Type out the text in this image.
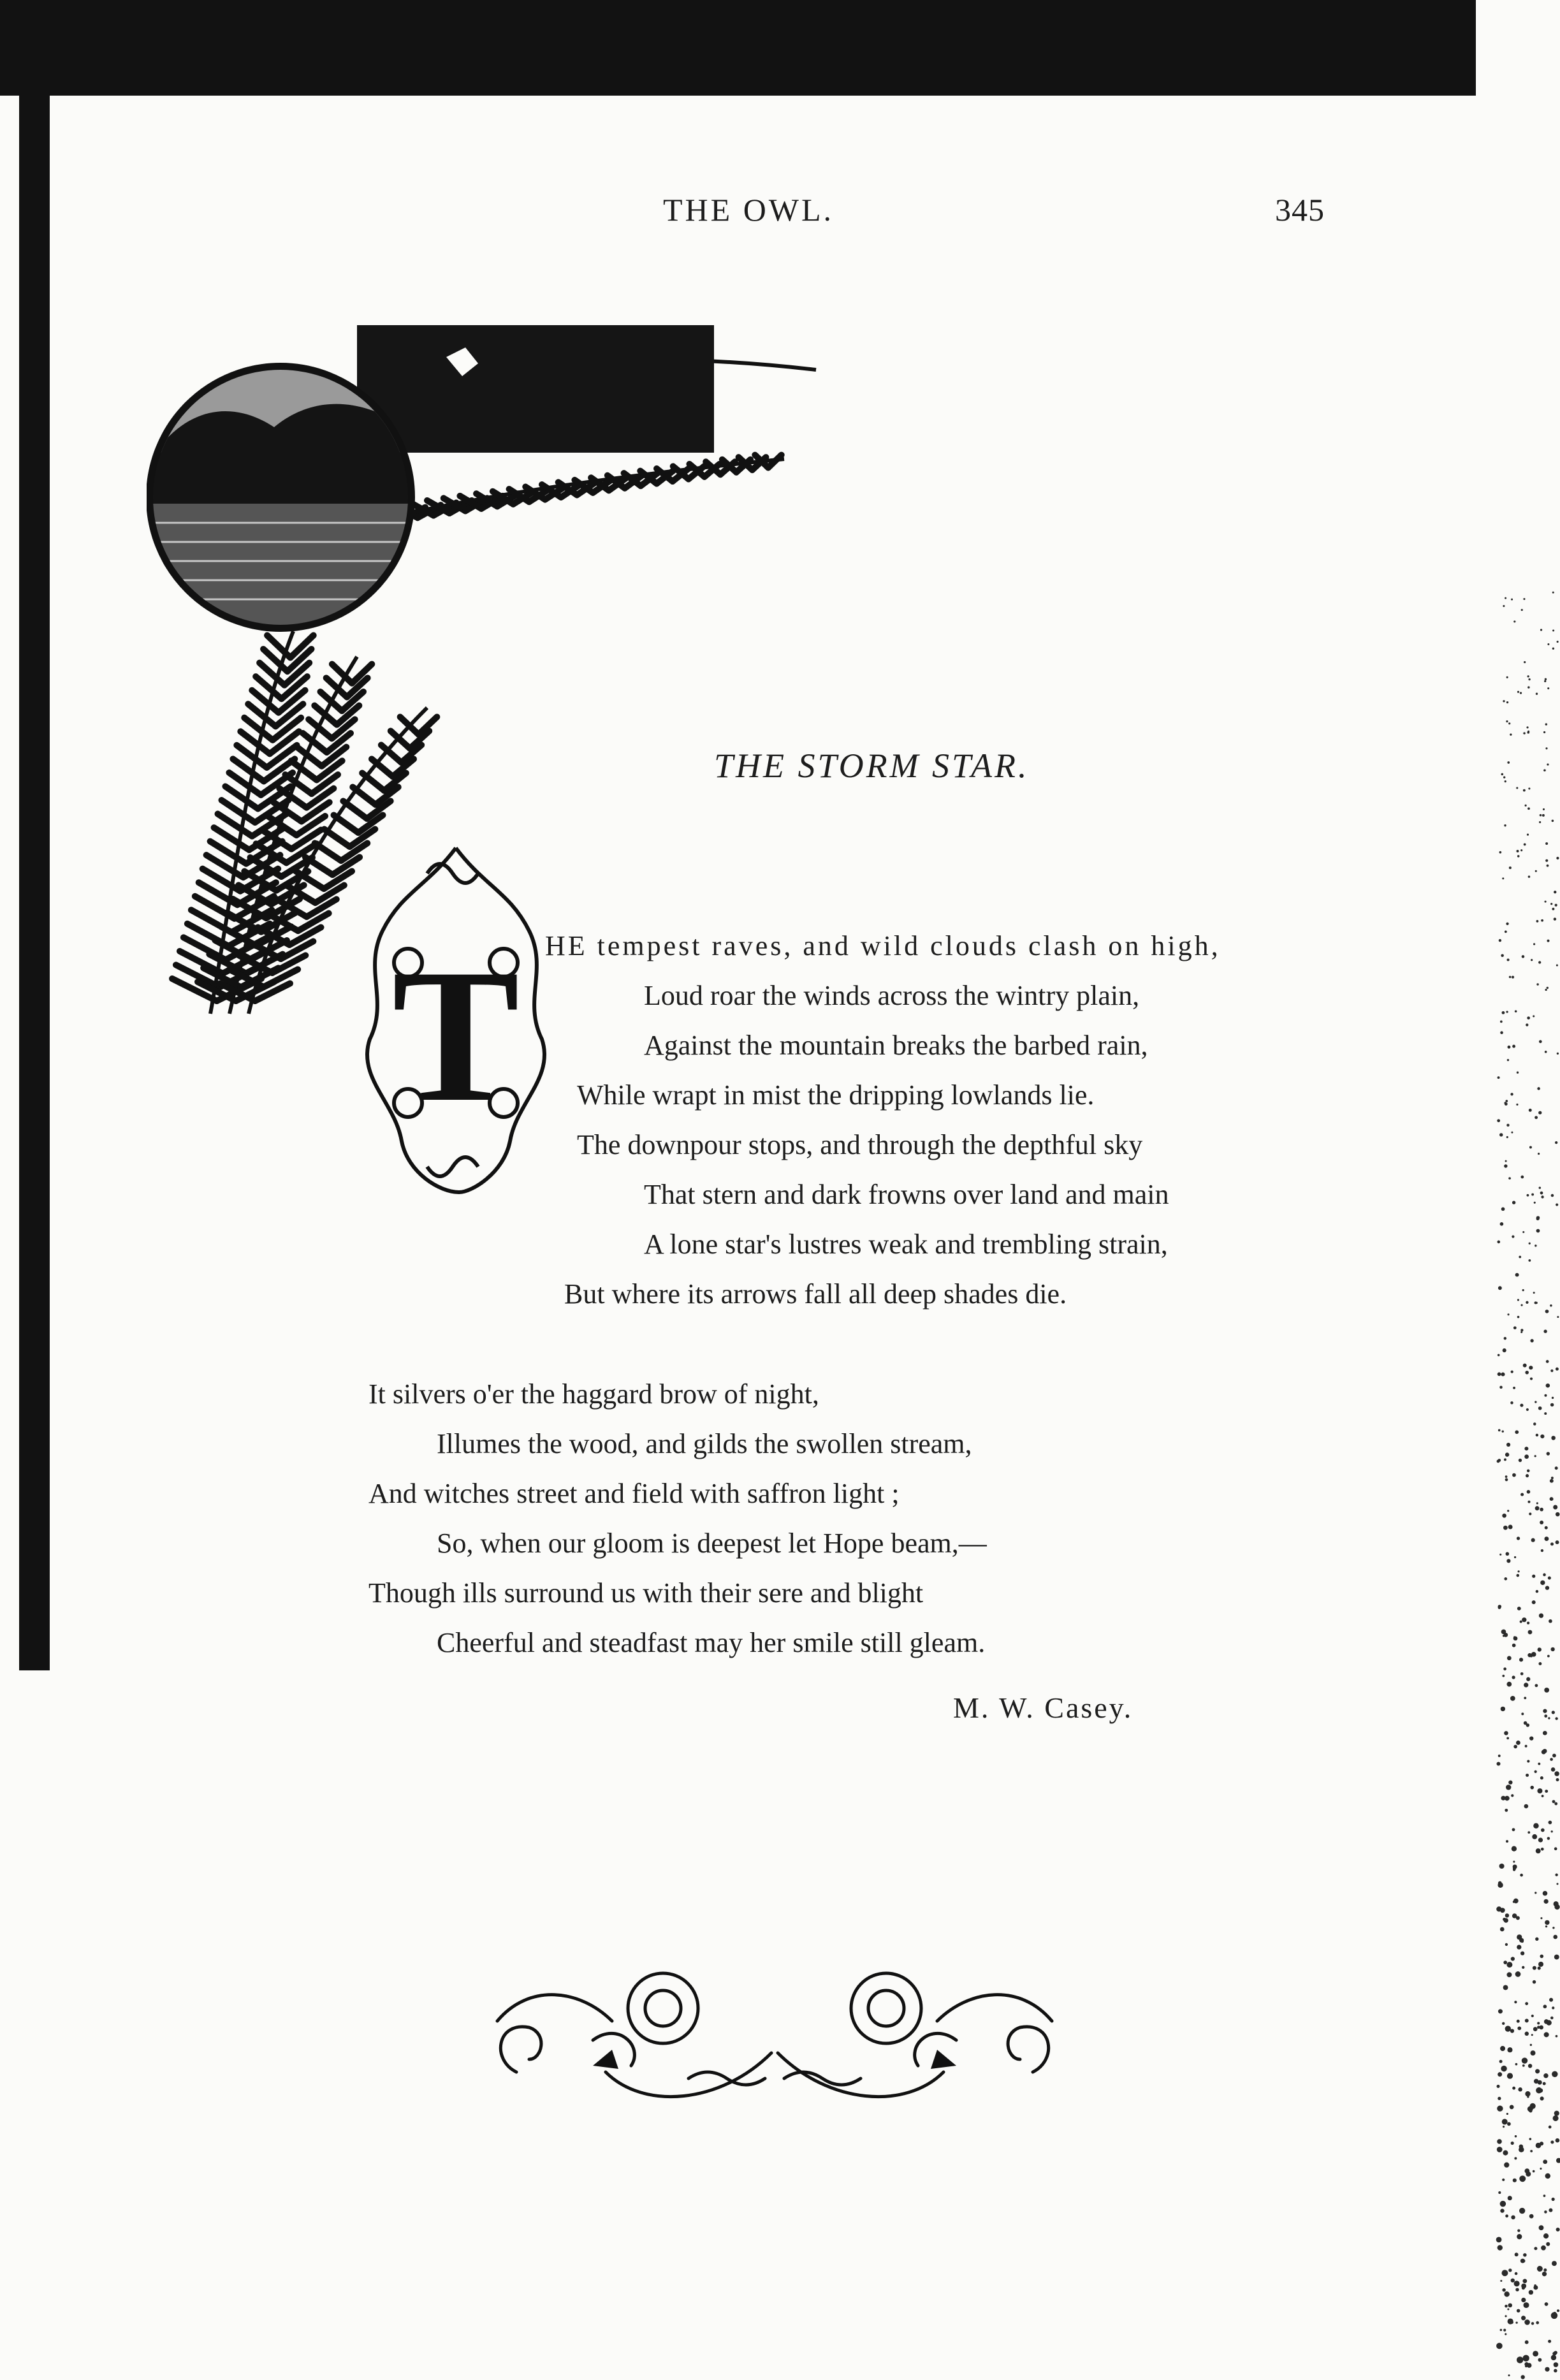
THE OWL.	345
THE STORM STAR.
T HE tempest raves, and wild clouds clash on high,
Loud roar the winds across the wintry plain,
Against the mountain breaks the barbed rain,
While wrapt in mist the dripping lowlands lie.
The downpour stops, and through the depthful sky
That stern and dark frowns over land and main
A lone star's lustres weak and trembling strain,
But where its arrows fall all deep shades die.
It silvers o'er the haggard brow of night,
Illumes the wood, and gilds the swollen stream,
And witches street and field with saffron light ;
So, when our gloom is deepest let Hope beam,—
Though ills surround us with their sere and blight
Cheerful and steadfast may her smile still gleam.
M. W. Casey.
